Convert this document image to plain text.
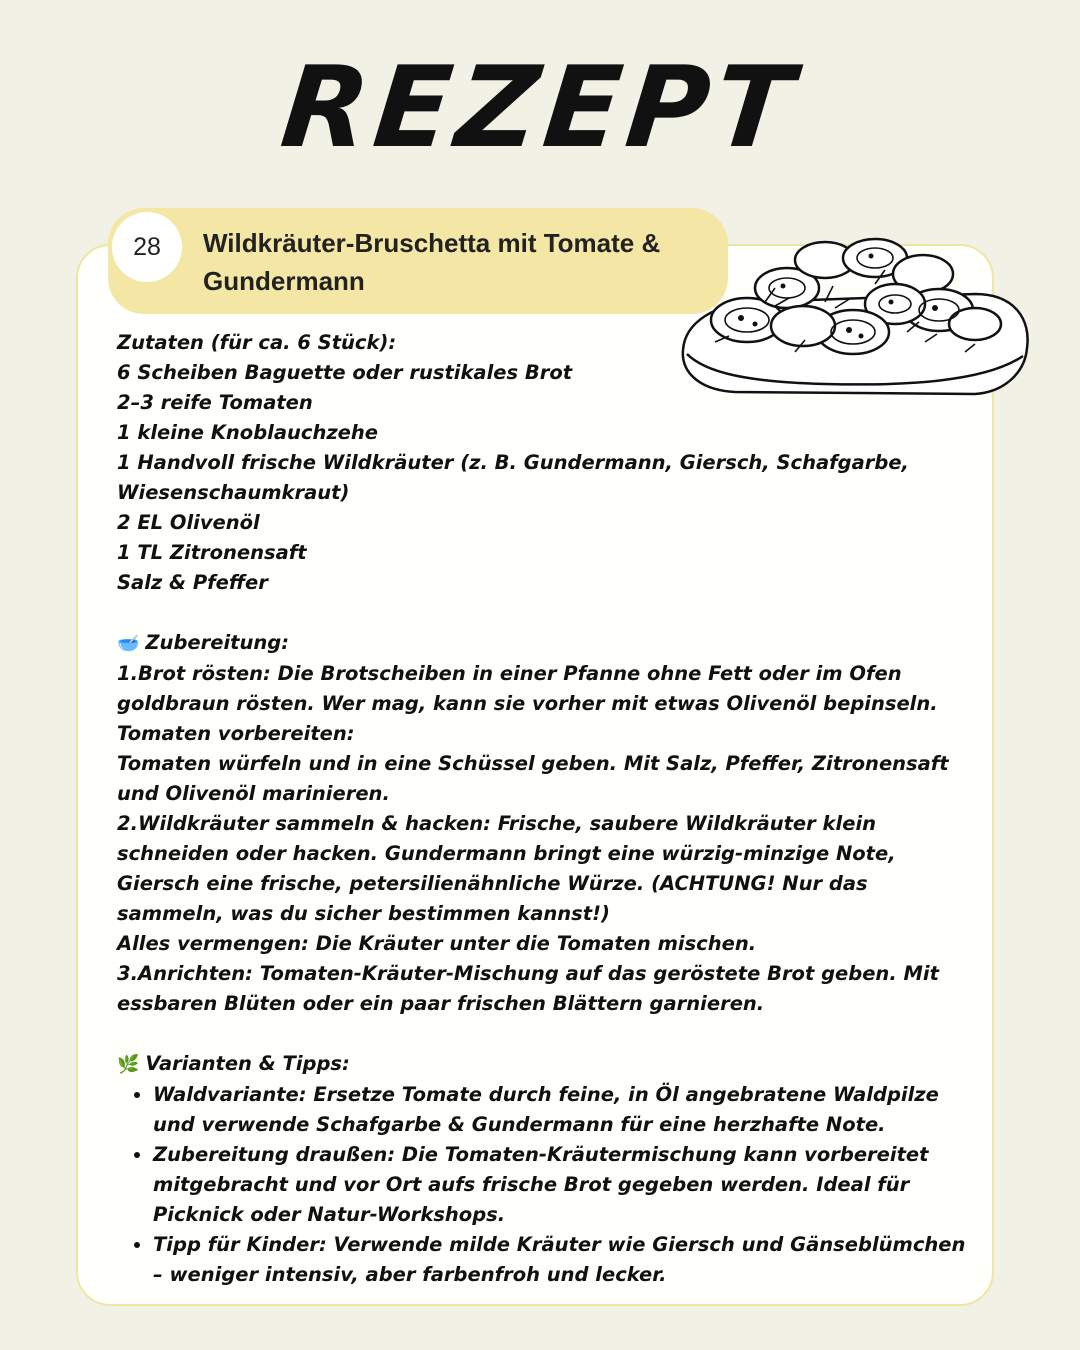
REZEPT
28 Wildkräuter-Bruschetta mit Tomate & Gundermann
Zutaten (für ca. 6 Stück):
6 Scheiben Baguette oder rustikales Brot
2–3 reife Tomaten
1 kleine Knoblauchzehe
1 Handvoll frische Wildkräuter (z. B. Gundermann, Giersch, Schafgarbe, Wiesenschaumkraut)
2 EL Olivenöl
1 TL Zitronensaft
Salz & Pfeffer
🥣 Zubereitung:
1.Brot rösten: Die Brotscheiben in einer Pfanne ohne Fett oder im Ofen goldbraun rösten. Wer mag, kann sie vorher mit etwas Olivenöl bepinseln.
Tomaten vorbereiten:
Tomaten würfeln und in eine Schüssel geben. Mit Salz, Pfeffer, Zitronensaft und Olivenöl marinieren.
2.Wildkräuter sammeln & hacken: Frische, saubere Wildkräuter klein schneiden oder hacken. Gundermann bringt eine würzig-minzige Note, Giersch eine frische, petersilienähnliche Würze. (ACHTUNG! Nur das sammeln, was du sicher bestimmen kannst!)
Alles vermengen: Die Kräuter unter die Tomaten mischen.
3.Anrichten: Tomaten-Kräuter-Mischung auf das geröstete Brot geben. Mit essbaren Blüten oder ein paar frischen Blättern garnieren.
🌿 Varianten & Tipps:
• Waldvariante: Ersetze Tomate durch feine, in Öl angebratene Waldpilze und verwende Schafgarbe & Gundermann für eine herzhafte Note.
• Zubereitung draußen: Die Tomaten-Kräutermischung kann vorbereitet mitgebracht und vor Ort aufs frische Brot gegeben werden. Ideal für Picknick oder Natur-Workshops.
• Tipp für Kinder: Verwende milde Kräuter wie Giersch und Gänseblümchen – weniger intensiv, aber farbenfroh und lecker.
